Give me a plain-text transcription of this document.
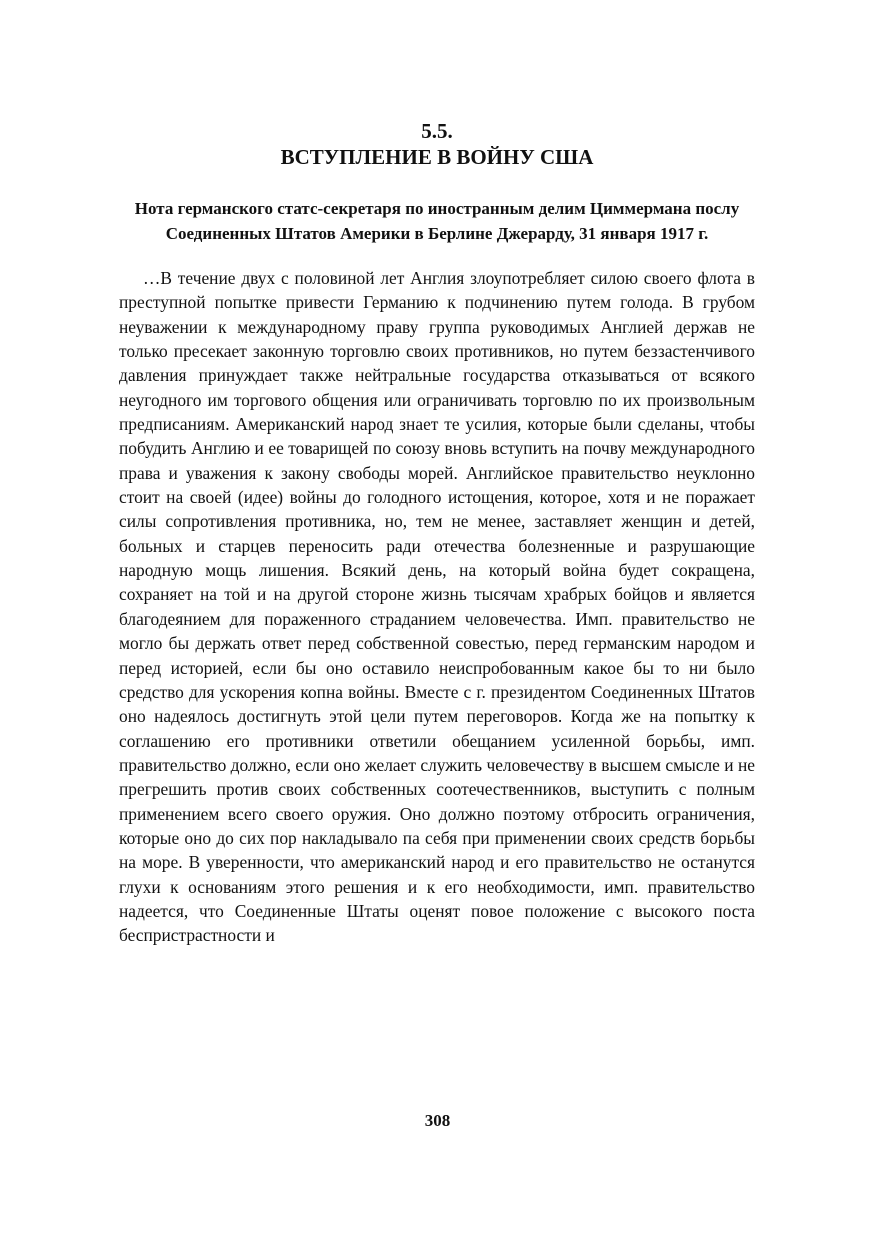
5.5.

ВСТУПЛЕНИЕ В ВОЙНУ США

Нота германского статс-секретаря по иностранным делим Циммермана послу Соединенных Штатов Америки в Берлине Джерарду, 31 января 1917 г.

…В течение двух с половиной лет Англия злоупотребляет силою своего флота в преступной попытке привести Германию к подчинению путем голода. В грубом неуважении к международному праву группа руководимых Англией держав не только пресекает законную торговлю своих противников, но путем беззастенчивого давления принуждает также нейтральные государства отказываться от всякого неугодного им торгового общения или ограничивать торговлю по их произвольным предписаниям. Американский народ знает те усилия, которые были сделаны, чтобы побудить Англию и ее товарищей по союзу вновь вступить на почву международного права и уважения к закону свободы морей. Английское правительство неуклонно стоит на своей (идее) войны до голодного истощения, которое, хотя и не поражает силы сопротивления противника, но, тем не менее, заставляет женщин и детей, больных и старцев переносить ради отечества болезненные и разрушающие народную мощь лишения. Всякий день, на который война будет сокращена, сохраняет на той и на другой стороне жизнь тысячам храбрых бойцов и является благодеянием для пораженного страданием человечества. Имп. правительство не могло бы держать ответ перед собственной совестью, перед германским народом и перед историей, если бы оно оставило неиспробованным какое бы то ни было средство для ускорения копна войны. Вместе с г. президентом Соединенных Штатов оно надеялось достигнуть этой цели путем переговоров. Когда же на попытку к соглашению его противники ответили обещанием усиленной борьбы, имп. правительство должно, если оно желает служить человечеству в высшем смысле и не прегрешить против своих собственных соотечественников, выступить с полным применением всего своего оружия. Оно должно поэтому отбросить ограничения, которые оно до сих пор накладывало па себя при применении своих средств борьбы на море. В уверенности, что американский народ и его правительство не останутся глухи к основаниям этого решения и к его необходимости, имп. правительство надеется, что Соединенные Штаты оценят повое положение с высокого поста беспристрастности и

308
